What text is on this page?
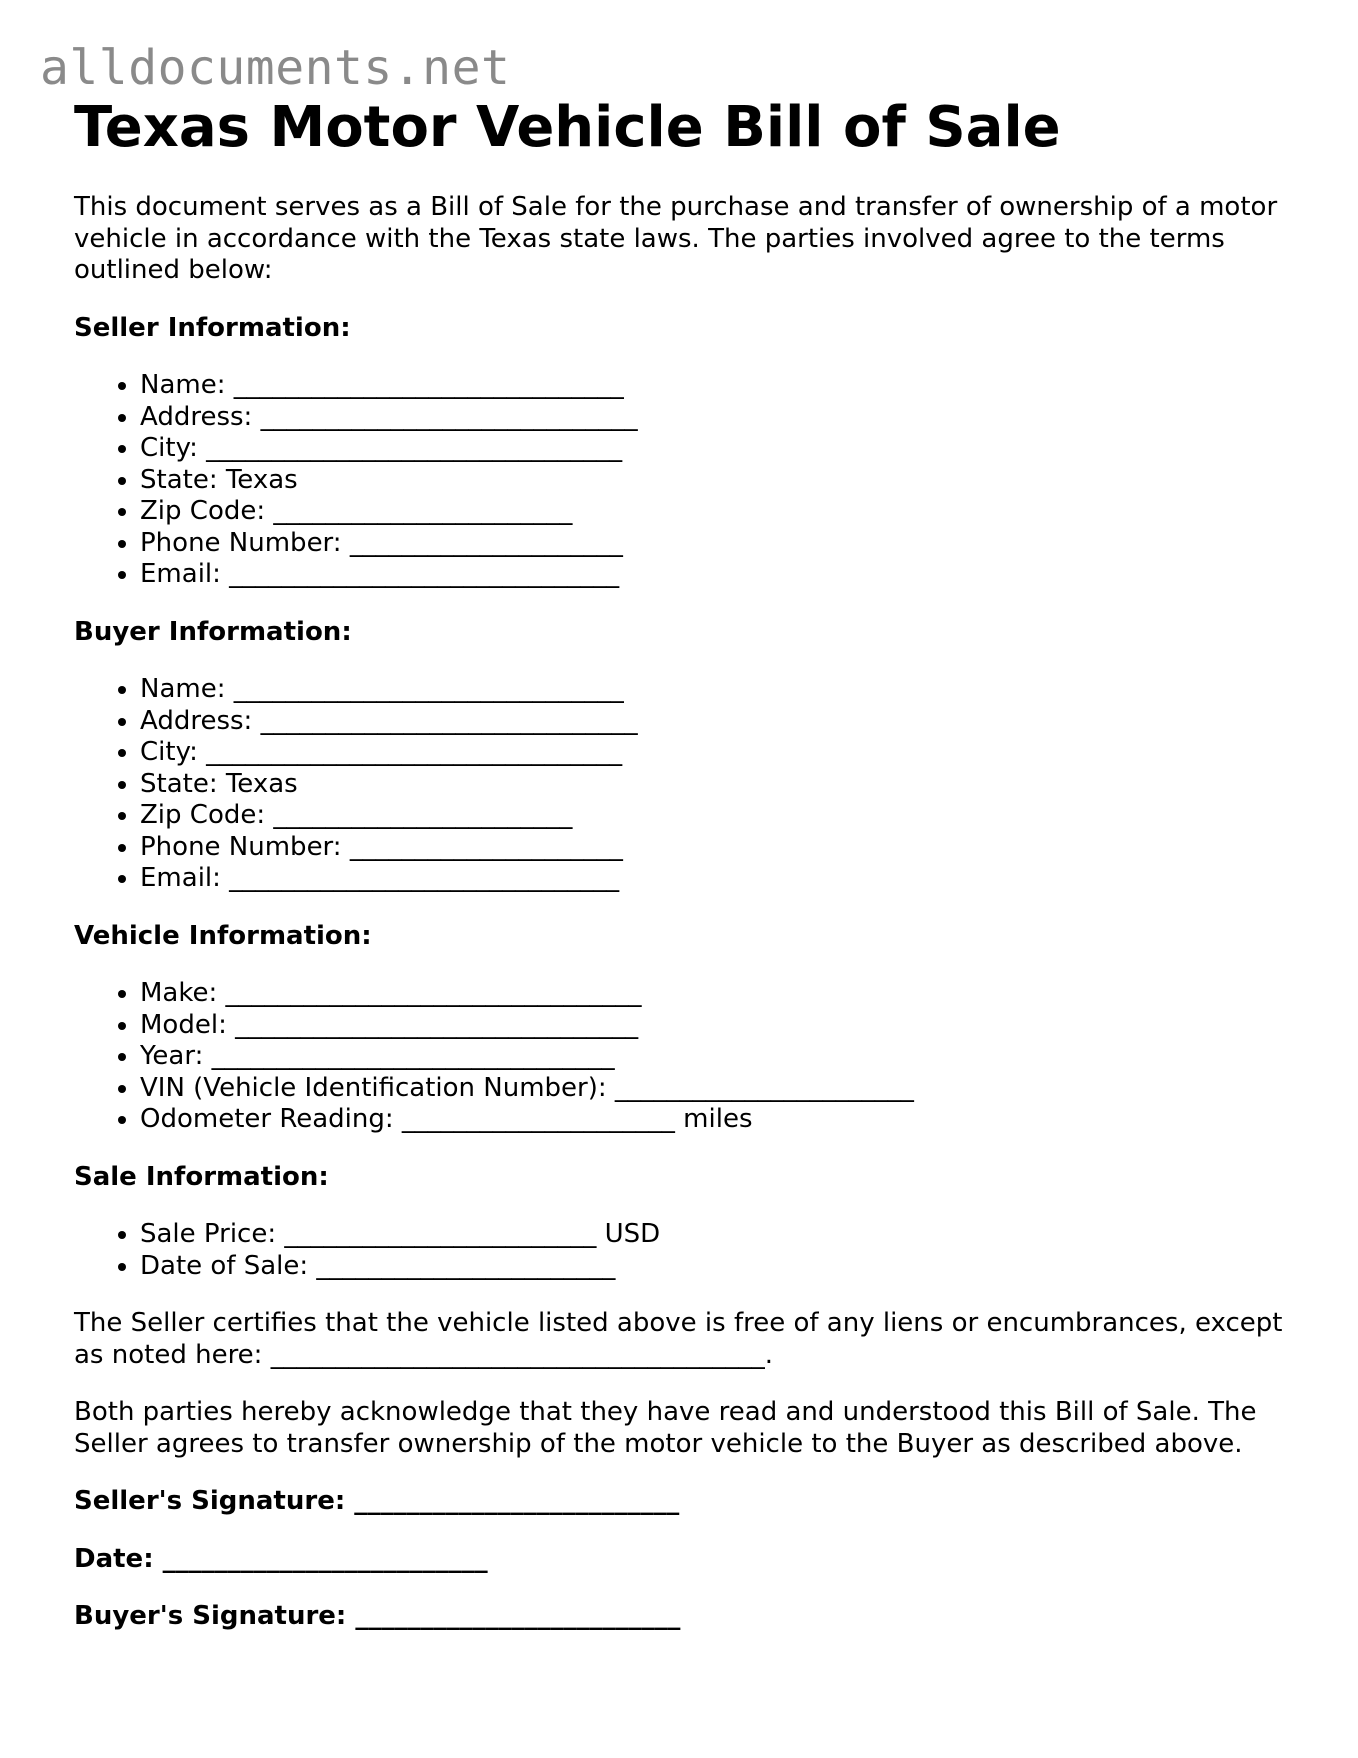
alldocuments.net
Texas Motor Vehicle Bill of Sale

This document serves as a Bill of Sale for the purchase and transfer of ownership of a motor vehicle in accordance with the Texas state laws. The parties involved agree to the terms outlined below:

Seller Information:
• Name: ______________________________
• Address: _____________________________
• City: ________________________________
• State: Texas
• Zip Code: _______________________
• Phone Number: _____________________
• Email: ______________________________
Buyer Information:
• Name: ______________________________
• Address: _____________________________
• City: ________________________________
• State: Texas
• Zip Code: _______________________
• Phone Number: _____________________
• Email: ______________________________
Vehicle Information:
• Make: ________________________________
• Model: _______________________________
• Year: _______________________________
• VIN (Vehicle Identification Number): _______________________
• Odometer Reading: _____________________ miles
Sale Information:
• Sale Price: ________________________ USD
• Date of Sale: _______________________

The Seller certifies that the vehicle listed above is free of any liens or encumbrances, except as noted here: ______________________________________.

Both parties hereby acknowledge that they have read and understood this Bill of Sale. The Seller agrees to transfer ownership of the motor vehicle to the Buyer as described above.

Seller's Signature: _________________________
Date: _________________________
Buyer's Signature: _________________________
